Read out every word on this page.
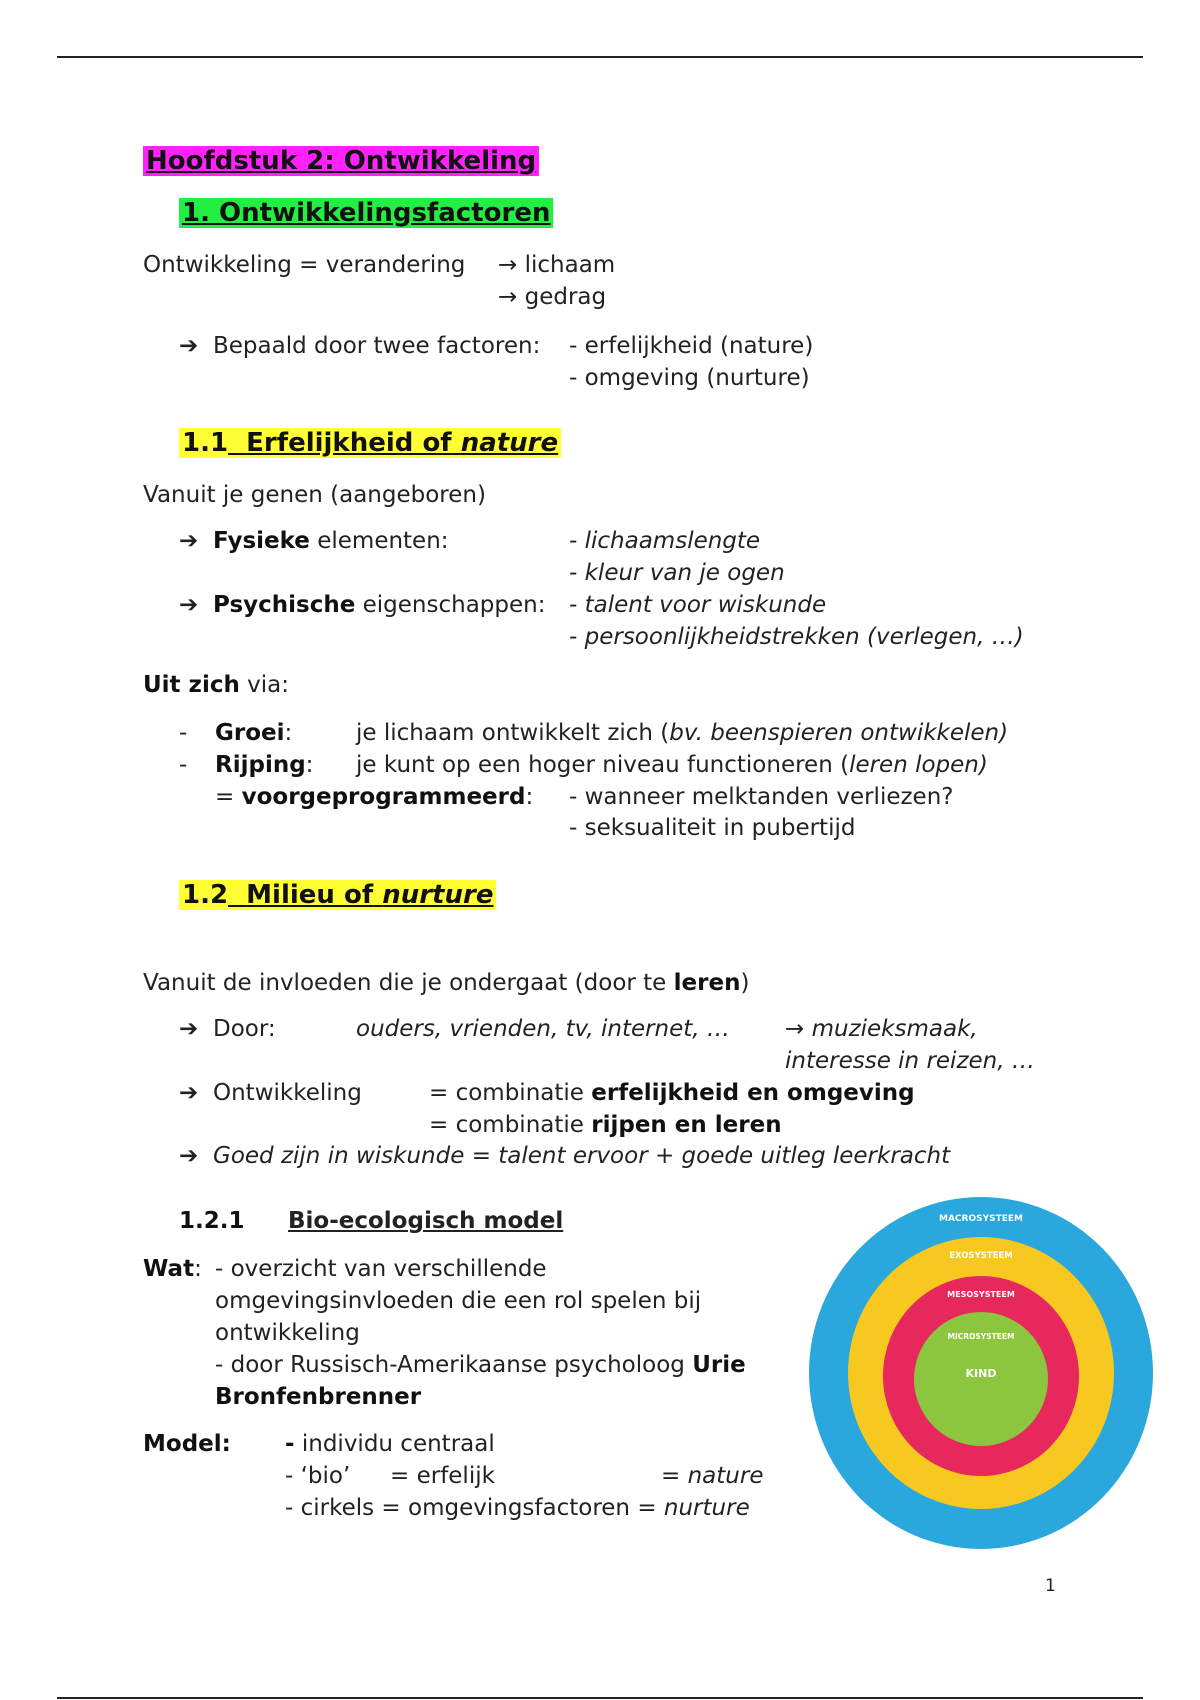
Hoofdstuk 2: Ontwikkeling
1. Ontwikkelingsfactoren
Ontwikkeling = verandering → lichaam
→ gedrag
➔ Bepaald door twee factoren: - erfelijkheid (nature)
- omgeving (nurture)
1.1 Erfelijkheid of nature
Vanuit je genen (aangeboren)
➔ Fysieke elementen:	- lichaamslengte
- kleur van je ogen
➔ Psychische eigenschappen: - talent voor wiskunde
- persoonlijkheidstrekken (verlegen, …)
Uit zich via:
- Groei:	je lichaam ontwikkelt zich (bv. beenspieren ontwikkelen)
- Rijping: je kunt op een hoger niveau functioneren (leren lopen)
= voorgeprogrammeerd: - wanneer melktanden verliezen?
- seksualiteit in pubertijd
1.2 Milieu of nurture
Vanuit de invloeden die je ondergaat (door te leren)
➔ Door:	ouders, vrienden, tv, internet, … → muzieksmaak,
interesse in reizen, …
➔ Ontwikkeling	= combinatie erfelijkheid en omgeving
= combinatie rijpen en leren
➔ Goed zijn in wiskunde = talent ervoor + goede uitleg leerkracht
1.2.1 Bio-ecologisch model
Wat: - overzicht van verschillende
omgevingsinvloeden die een rol spelen bij
ontwikkeling
- door Russisch-Amerikaanse psycholoog Urie
Bronfenbrenner
Model: - individu centraal
- ‘bio’ = erfelijk	= nature
- cirkels = omgevingsfactoren = nurture
MACROSYSTEEM
EXOSYSTEEM
MESOSYSTEEM
MICROSYSTEEM
KIND
1
